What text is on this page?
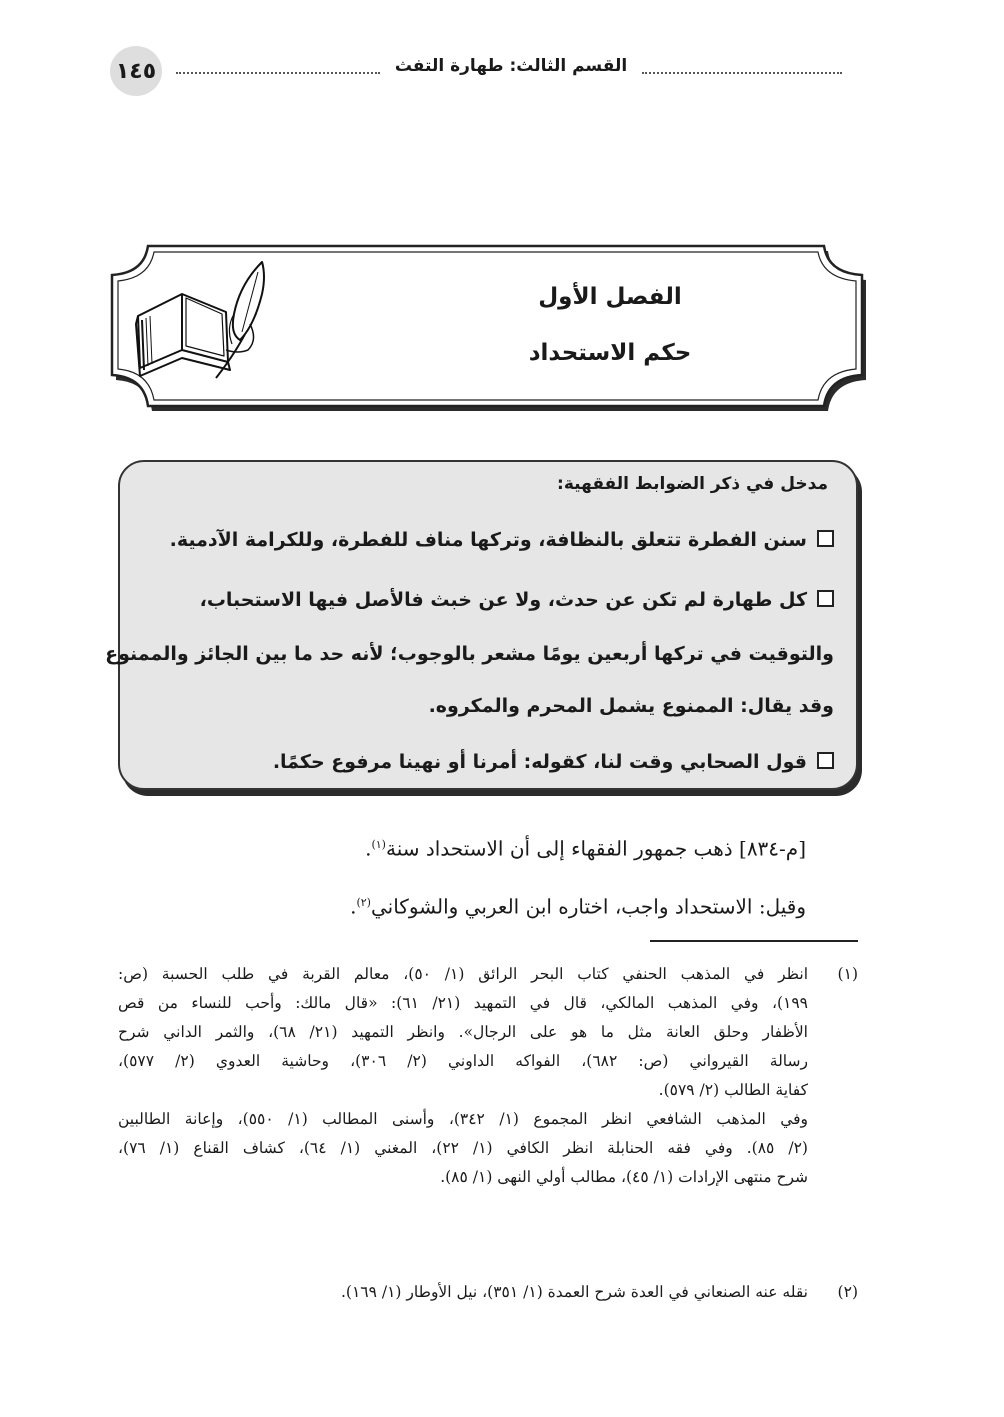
١٤٥	القسم الثالث: طهارة التفث
الفصل الأول
حكم الاستحداد
مدخل في ذكر الضوابط الفقهية:
سنن الفطرة تتعلق بالنظافة، وتركها مناف للفطرة، وللكرامة الآدمية.
كل طهارة لم تكن عن حدث، ولا عن خبث فالأصل فيها الاستحباب،
والتوقيت في تركها أربعين يومًا مشعر بالوجوب؛ لأنه حد ما بين الجائز والممنوع
وقد يقال: الممنوع يشمل المحرم والمكروه.
قول الصحابي وقت لنا، كقوله: أمرنا أو نهينا مرفوع حكمًا.
[م-٨٣٤] ذهب جمهور الفقهاء إلى أن الاستحداد سنة$^{(١)}$.
وقيل: الاستحداد واجب، اختاره ابن العربي والشوكاني$^{(٢)}$.
(١)
انظر في المذهب الحنفي كتاب البحر الرائق (١/ ٥٠)، معالم القربة في طلب الحسبة (ص:
١٩٩)، وفي المذهب المالكي، قال في التمهيد (٢١/ ٦١): «قال مالك: وأحب للنساء من قص
الأظفار وحلق العانة مثل ما هو على الرجال». وانظر التمهيد (٢١/ ٦٨)، والثمر الداني شرح
رسالة القيرواني (ص: ٦٨٢)، الفواكه الداوني (٢/ ٣٠٦)، وحاشية العدوي (٢/ ٥٧٧)،
كفاية الطالب (٢/ ٥٧٩).
وفي المذهب الشافعي انظر المجموع (١/ ٣٤٢)، وأسنى المطالب (١/ ٥٥٠)، وإعانة الطالبين
(٢/ ٨٥). وفي فقه الحنابلة انظر الكافي (١/ ٢٢)، المغني (١/ ٦٤)، كشاف القناع (١/ ٧٦)،
شرح منتهى الإرادات (١/ ٤٥)، مطالب أولي النهى (١/ ٨٥).
(٢)
نقله عنه الصنعاني في العدة شرح العمدة (١/ ٣٥١)، نيل الأوطار (١/ ١٦٩).
